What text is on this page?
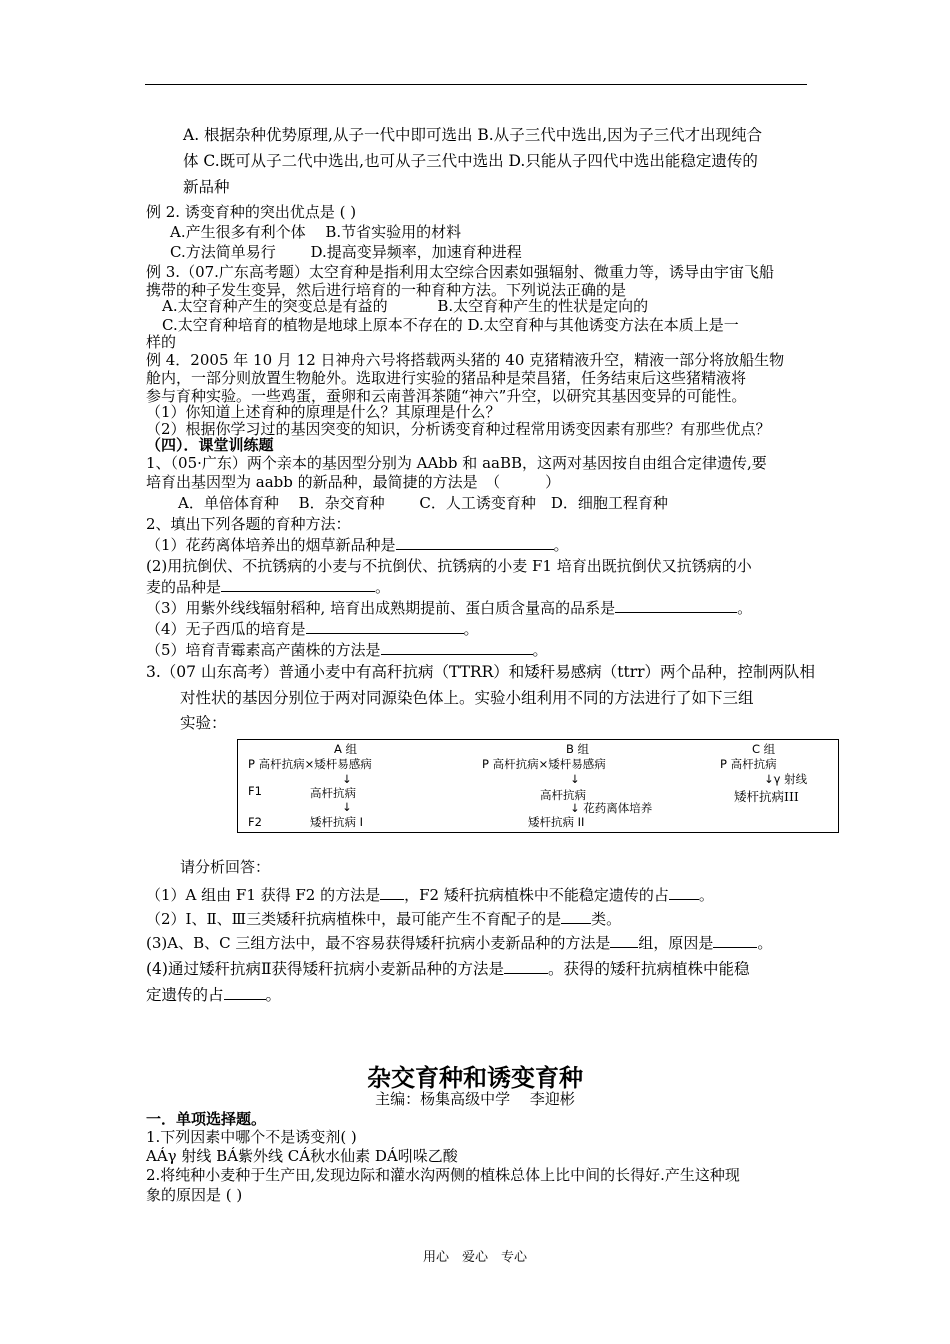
A. 根据杂种优势原理,从子一代中即可选出 B.从子三代中选出,因为子三代才出现纯合
体 C.既可从子二代中选出,也可从子三代中选出 D.只能从子四代中选出能稳定遗传的
新品种
例 2. 诱变育种的突出优点是 ( )
A.产生很多有利个体　 B.节省实验用的材料
C.方法简单易行　　 D.提高变异频率，加速育种进程
例 3.（07.广东高考题）太空育种是指利用太空综合因素如强辐射、微重力等，诱导由宇宙飞船
携带的种子发生变异，然后进行培育的一种育种方法。下列说法正确的是
A.太空育种产生的突变总是有益的　　　 B.太空育种产生的性状是定向的
C.太空育种培育的植物是地球上原本不存在的 D.太空育种与其他诱变方法在本质上是一
样的
例 4．2005 年 10 月 12 日神舟六号将搭载两头猪的 40 克猪精液升空，精液一部分将放船生物
舱内，一部分则放置生物舱外。选取进行实验的猪品种是荣昌猪，任务结束后这些猪精液将
参与育种实验。一些鸡蛋，蚕卵和云南普洱茶随“神六”升空，以研究其基因变异的可能性。
（1）你知道上述育种的原理是什么？其原理是什么？
（2）根据你学习过的基因突变的知识，分析诱变育种过程常用诱变因素有那些？有那些优点？
（四）．课堂训练题
1、（05·广东）两个亲本的基因型分别为 AAbb 和 aaBB，这两对基因按自由组合定律遗传,要
培育出基因型为 aabb 的新品种，最简捷的方法是　（　　　）
A．单倍体育种　 B．杂交育种　　 C．人工诱变育种　D．细胞工程育种
2、填出下列各题的育种方法：
（1）花药离体培养出的烟草新品种是	。
(2)用抗倒伏、不抗锈病的小麦与不抗倒伏、抗锈病的小麦 F1 培育出既抗倒伏又抗锈病的小
麦的品种是	。
（3）用紫外线线辐射稻种, 培育出成熟期提前、蛋白质含量高的品系是	。
（4）无子西瓜的培育是	。
（5）培育青霉素高产菌株的方法是	。
3.（07 山东高考）普通小麦中有高秆抗病（TTRR）和矮秆易感病（ttrr）两个品种，控制两队相
对性状的基因分别位于两对同源染色体上。实验小组利用不同的方法进行了如下三组
实验：
A 组	B 组	C 组
P 高杆抗病×矮杆易感病	P 高杆抗病×矮杆易感病	P 高杆抗病
↓	↓	↓γ 射线
F1	高杆抗病	高杆抗病	矮杆抗病III
↓	↓ 花药离体培养
F2	矮杆抗病 I	矮杆抗病 II
请分析回答：
（1）A 组由 F1 获得 F2 的方法是 ，F2 矮秆抗病植株中不能稳定遗传的占 。
（2）Ⅰ、Ⅱ、Ⅲ三类矮秆抗病植株中，最可能产生不育配子的是 类。
(3)A、B、C 三组方法中，最不容易获得矮秆抗病小麦新品种的方法是 组，原因是	。
(4)通过矮秆抗病Ⅱ获得矮秆抗病小麦新品种的方法是	。获得的矮秆抗病植株中能稳
定遗传的占	。
杂交育种和诱变育种
主编：杨集高级中学　 李迎彬
一．单项选择题。
1.下列因素中哪个不是诱变剂( )
AÁγ 射线 BÁ紫外线 CÁ秋水仙素 DÁ吲哚乙酸
2.将纯种小麦种于生产田,发现边际和灌水沟两侧的植株总体上比中间的长得好.产生这种现
象的原因是 ( )
用心　爱心　专心
